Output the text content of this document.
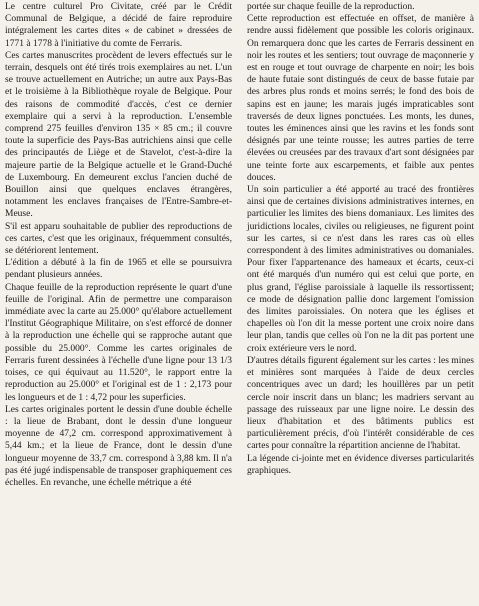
Le centre culturel Pro Civitate, créé par le Crédit Communal de Belgique, a décidé de faire reproduire intégralement les cartes dites « de cabinet » dressées de 1771 à 1778 à l'initiative du comte de Ferraris.

Ces cartes manuscrites procèdent de levers effectués sur le terrain, desquels ont été tirés trois exemplaires au net. L'un se trouve actuellement en Autriche; un autre aux Pays-Bas et le troisième à la Bibliothèque royale de Belgique. Pour des raisons de commodité d'accès, c'est ce dernier exemplaire qui a servi à la reproduction. L'ensemble comprend 275 feuilles d'environ 135 × 85 cm.; il couvre toute la superficie des Pays-Bas autrichiens ainsi que celle des principautés de Liège et de Stavelot, c'est-à-dire la majeure partie de la Belgique actuelle et le Grand-Duché de Luxembourg. En demeurent exclus l'ancien duché de Bouillon ainsi que quelques enclaves étrangères, notamment les enclaves françaises de l'Entre-Sambre-et-Meuse.

S'il est apparu souhaitable de publier des reproductions de ces cartes, c'est que les originaux, fréquemment consultés, se détériorent lentement.

L'édition a débuté à la fin de 1965 et elle se poursuivra pendant plusieurs années.

Chaque feuille de la reproduction représente le quart d'une feuille de l'original. Afin de permettre une comparaison immédiate avec la carte au 25.000° qu'élabore actuellement l'Institut Géographique Militaire, on s'est efforcé de donner à la reproduction une échelle qui se rapproche autant que possible du 25.000°. Comme les cartes originales de Ferraris furent dessinées à l'échelle d'une ligne pour 13 1/3 toises, ce qui équivaut au 11.520°, le rapport entre la reproduction au 25.000° et l'original est de 1 : 2,173 pour les longueurs et de 1 : 4,72 pour les superficies.

Les cartes originales portent le dessin d'une double échelle : la lieue de Brabant, dont le dessin d'une longueur moyenne de 47,2 cm. correspond approximativement à 5,44 km.; et la lieue de France, dont le dessin d'une longueur moyenne de 33,7 cm. correspond à 3,88 km. Il n'a pas été jugé indispensable de transposer graphiquement ces échelles. En revanche, une échelle métrique a été

portée sur chaque feuille de la reproduction.

Cette reproduction est effectuée en offset, de manière à rendre aussi fidèlement que possible les coloris originaux. On remarquera donc que les cartes de Ferraris dessinent en noir les routes et les sentiers; tout ouvrage de maçonnerie y est en rouge et tout ouvrage de charpente en noir; les bois de haute futaie sont distingués de ceux de basse futaie par des arbres plus ronds et moins serrés; le fond des bois de sapins est en jaune; les marais jugés impraticables sont traversés de deux lignes ponctuées. Les monts, les dunes, toutes les éminences ainsi que les ravins et les fonds sont désignés par une teinte rousse; les autres parties de terre élevées ou creusées par des travaux d'art sont désignées par une teinte forte aux escarpements, et faible aux pentes douces.

Un soin particulier a été apporté au tracé des frontières ainsi que de certaines divisions administratives internes, en particulier les limites des biens domaniaux. Les limites des juridictions locales, civiles ou religieuses, ne figurent point sur les cartes, si ce n'est dans les rares cas où elles correspondent à des limites administratives ou domaniales. Pour fixer l'appartenance des hameaux et écarts, ceux-ci ont été marqués d'un numéro qui est celui que porte, en plus grand, l'église paroissiale à laquelle ils ressortissent; ce mode de désignation pallie donc largement l'omission des limites paroissiales. On notera que les églises et chapelles où l'on dit la messe portent une croix noire dans leur plan, tandis que celles où l'on ne la dit pas portent une croix extérieure vers le nord.

D'autres détails figurent également sur les cartes : les mines et minières sont marquées à l'aide de deux cercles concentriques avec un dard; les houillères par un petit cercle noir inscrit dans un blanc; les madriers servant au passage des ruisseaux par une ligne noire. Le dessin des lieux d'habitation et des bâtiments publics est particulièrement précis, d'où l'intérêt considérable de ces cartes pour connaître la répartition ancienne de l'habitat.

La légende ci-jointe met en évidence diverses particularités graphiques.
